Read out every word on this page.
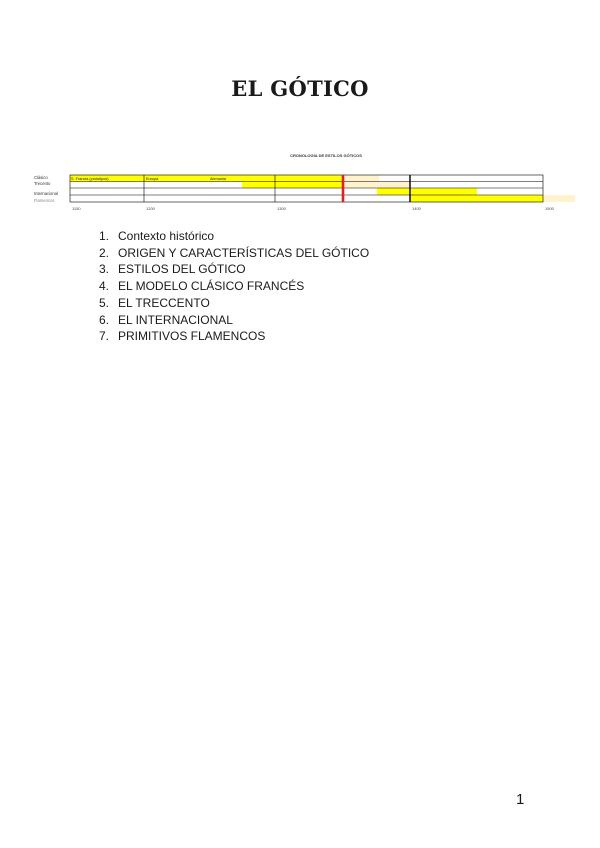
EL GÓTICO
CRONOLOGÍA DE ESTILOS GÓTICOS
Clásico
Trecento
Internacional
Flamencos
S. Francia (prototipos)	Europa	Alemania
1150	1200	1300	1400	1500
1. Contexto histórico
2. ORIGEN Y CARACTERÍSTICAS DEL GÓTICO
3. ESTILOS DEL GÓTICO
4. EL MODELO CLÁSICO FRANCÉS
5. EL TRECCENTO
6. EL INTERNACIONAL
7. PRIMITIVOS FLAMENCOS
1
